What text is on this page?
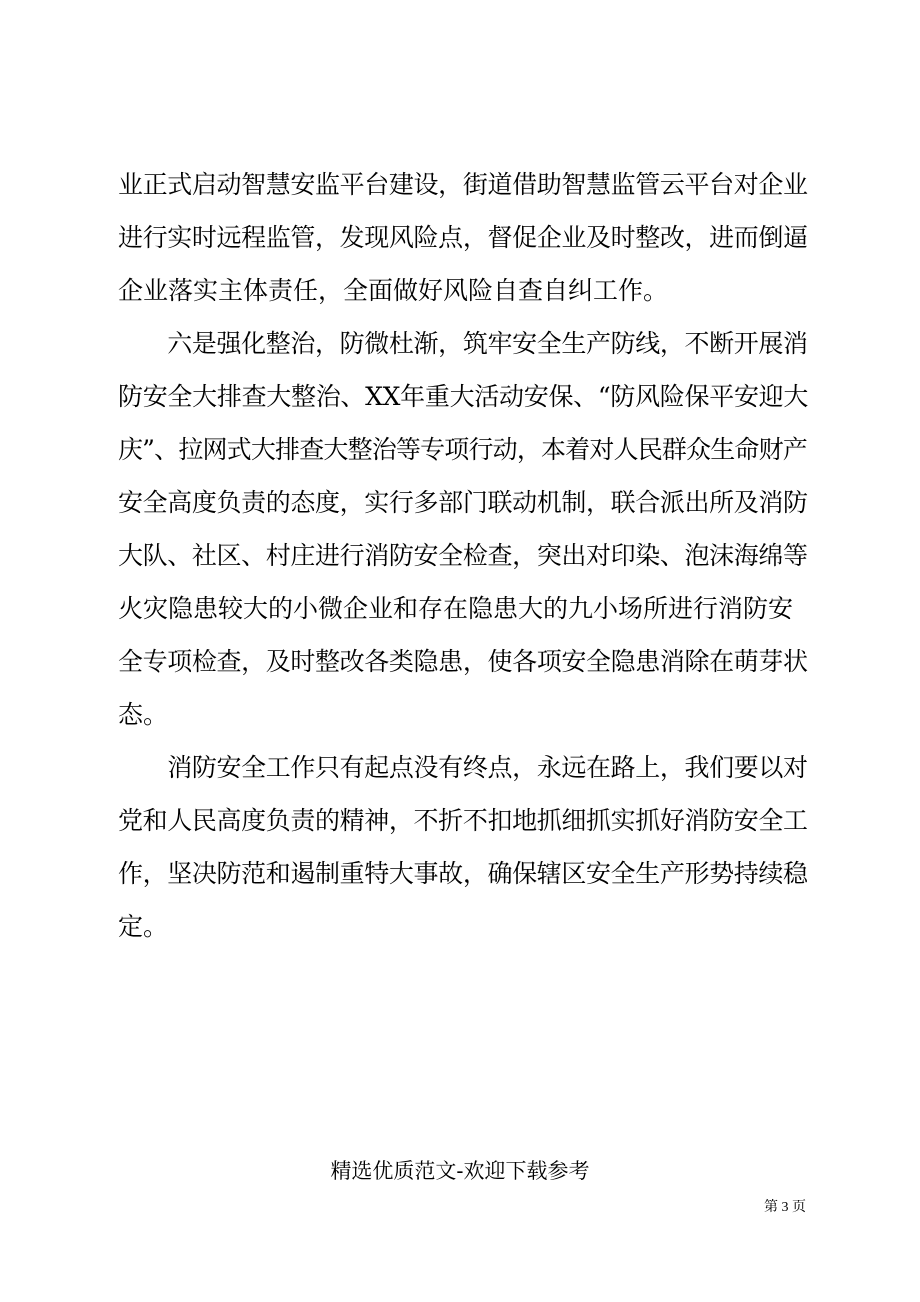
业正式启动智慧安监平台建设，街道借助智慧监管云平台对企业
进行实时远程监管，发现风险点，督促企业及时整改，进而倒逼
企业落实主体责任，全面做好风险自查自纠工作。
　　六是强化整治，防微杜渐，筑牢安全生产防线，不断开展消
防安全大排查大整治、XX年重大活动安保、“防风险保平安迎大
庆”、拉网式大排查大整治等专项行动，本着对人民群众生命财产
安全高度负责的态度，实行多部门联动机制，联合派出所及消防
大队、社区、村庄进行消防安全检查，突出对印染、泡沫海绵等
火灾隐患较大的小微企业和存在隐患大的九小场所进行消防安
全专项检查，及时整改各类隐患，使各项安全隐患消除在萌芽状
态。
　　消防安全工作只有起点没有终点，永远在路上，我们要以对
党和人民高度负责的精神，不折不扣地抓细抓实抓好消防安全工
作，坚决防范和遏制重特大事故，确保辖区安全生产形势持续稳
定。
精选优质范文-欢迎下载参考
第 3 页
